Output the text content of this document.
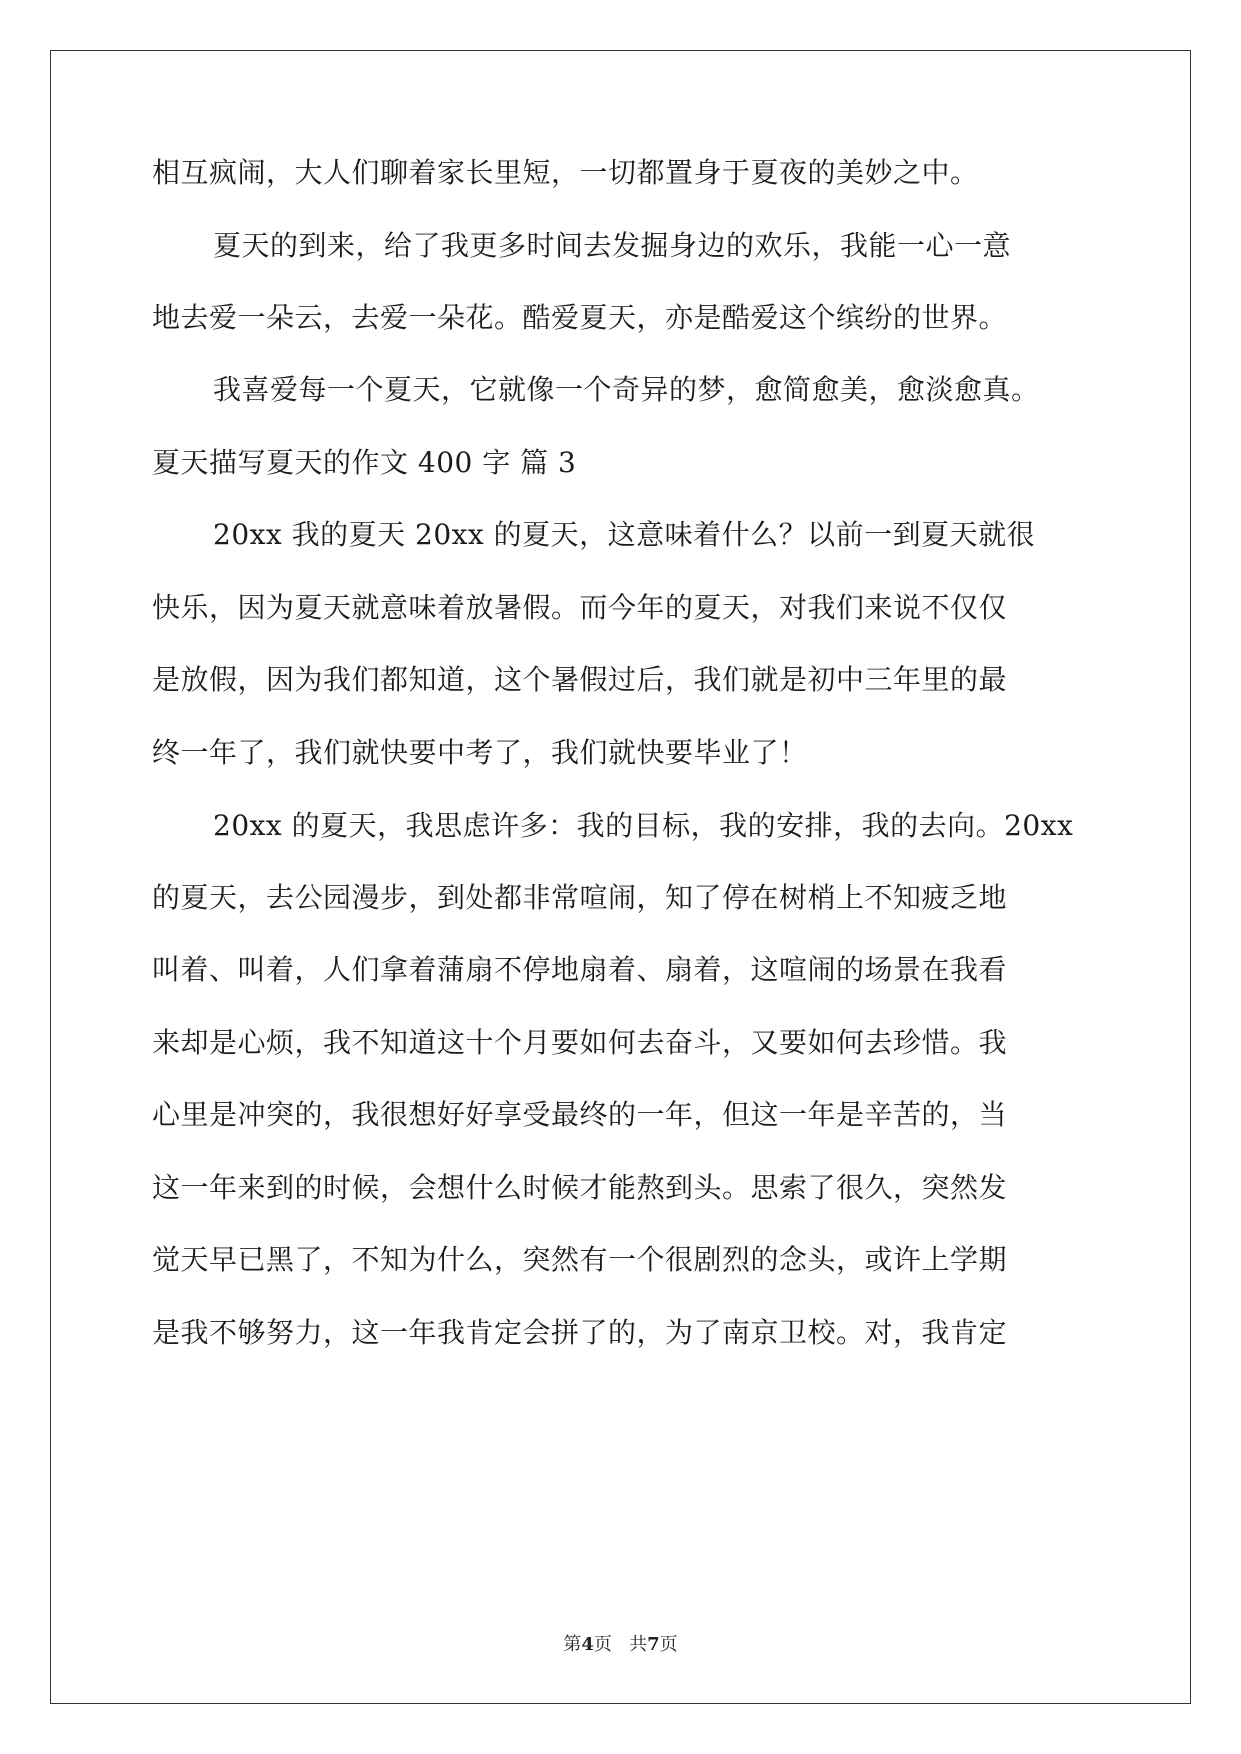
相互疯闹，大人们聊着家长里短，一切都置身于夏夜的美妙之中。
夏天的到来，给了我更多时间去发掘身边的欢乐，我能一心一意
地去爱一朵云，去爱一朵花。酷爱夏天，亦是酷爱这个缤纷的世界。
我喜爱每一个夏天，它就像一个奇异的梦，愈简愈美，愈淡愈真。
夏天描写夏天的作文 400 字 篇 3
20xx 我的夏天 20xx 的夏天，这意味着什么？以前一到夏天就很
快乐，因为夏天就意味着放暑假。而今年的夏天，对我们来说不仅仅
是放假，因为我们都知道，这个暑假过后，我们就是初中三年里的最
终一年了，我们就快要中考了，我们就快要毕业了！
20xx 的夏天，我思虑许多：我的目标，我的安排，我的去向。20xx
的夏天，去公园漫步，到处都非常喧闹，知了停在树梢上不知疲乏地
叫着、叫着，人们拿着蒲扇不停地扇着、扇着，这喧闹的场景在我看
来却是心烦，我不知道这十个月要如何去奋斗，又要如何去珍惜。我
心里是冲突的，我很想好好享受最终的一年，但这一年是辛苦的，当
这一年来到的时候，会想什么时候才能熬到头。思索了很久，突然发
觉天早已黑了，不知为什么，突然有一个很剧烈的念头，或许上学期
是我不够努力，这一年我肯定会拼了的，为了南京卫校。对，我肯定
第4页   共7页
